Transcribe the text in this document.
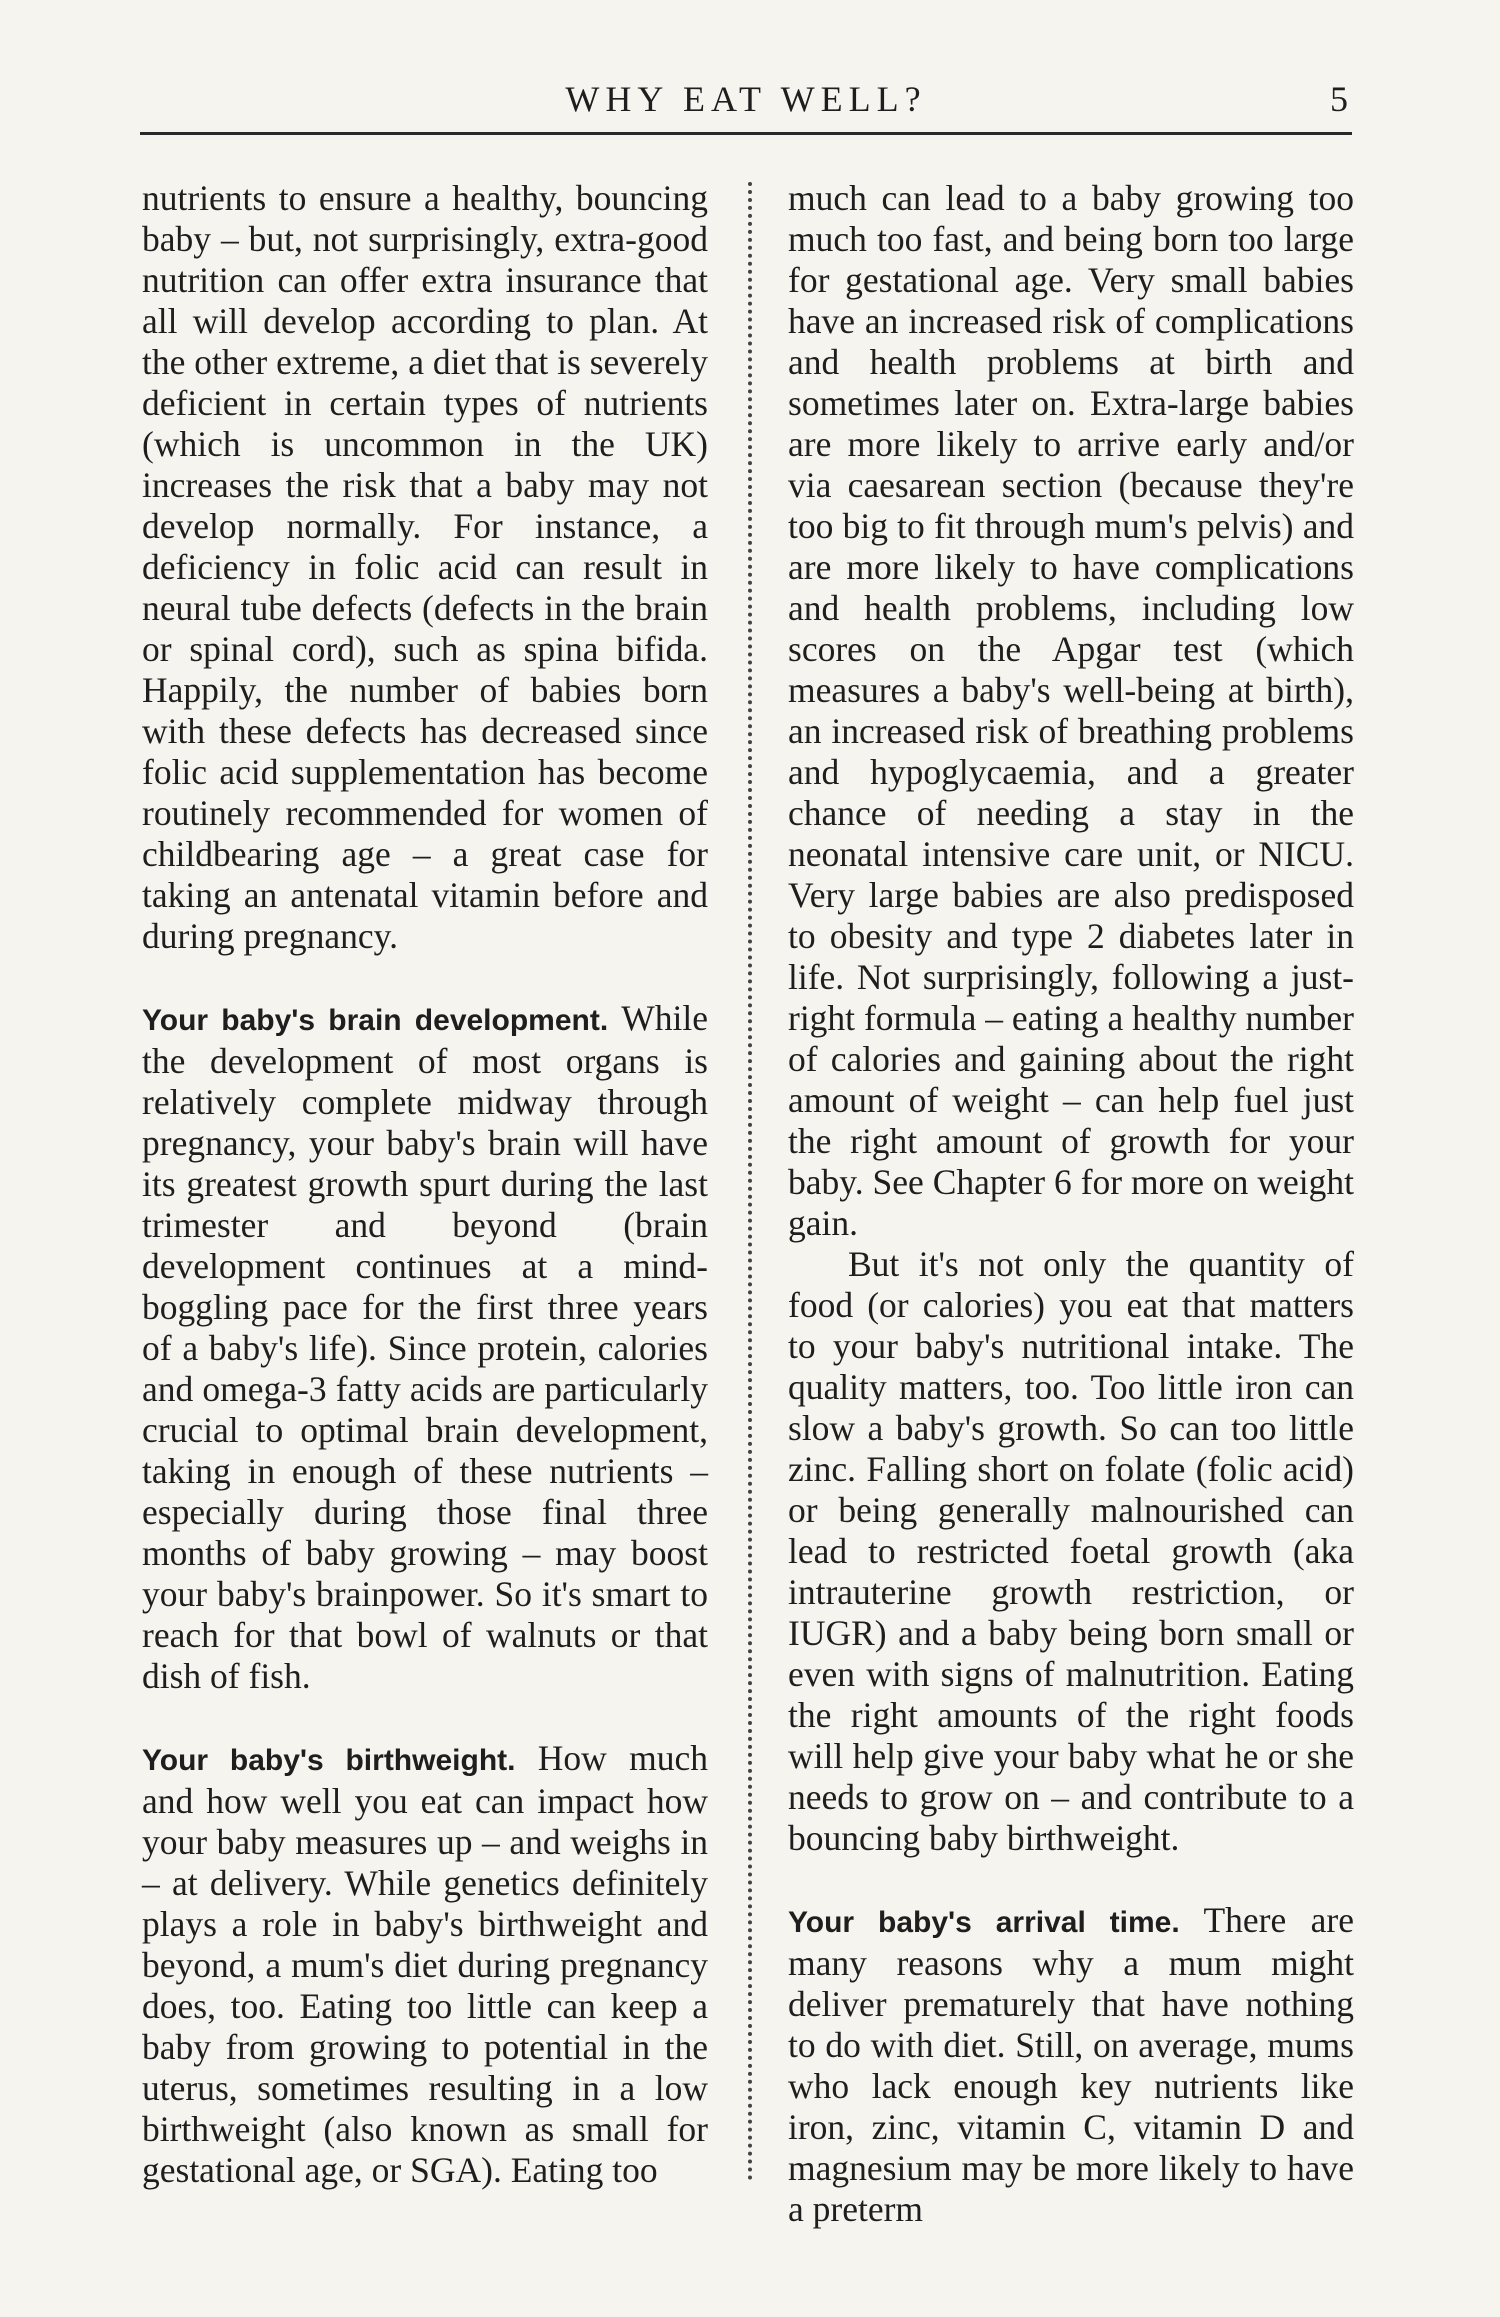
WHY EAT WELL?	5

nutrients to ensure a healthy, bouncing baby – but, not surprisingly, extra-good nutrition can offer extra insurance that all will develop according to plan. At the other extreme, a diet that is severely deficient in certain types of nutrients (which is uncommon in the UK) increases the risk that a baby may not develop normally. For instance, a deficiency in folic acid can result in neural tube defects (defects in the brain or spinal cord), such as spina bifida. Happily, the number of babies born with these defects has decreased since folic acid supplementation has become routinely recommended for women of childbearing age – a great case for taking an antenatal vitamin before and during pregnancy.

Your baby's brain development. While the development of most organs is relatively complete midway through pregnancy, your baby's brain will have its greatest growth spurt during the last trimester and beyond (brain development continues at a mind-boggling pace for the first three years of a baby's life). Since protein, calories and omega-3 fatty acids are particularly crucial to optimal brain development, taking in enough of these nutrients – especially during those final three months of baby growing – may boost your baby's brainpower. So it's smart to reach for that bowl of walnuts or that dish of fish.

Your baby's birthweight. How much and how well you eat can impact how your baby measures up – and weighs in – at delivery. While genetics definitely plays a role in baby's birthweight and beyond, a mum's diet during pregnancy does, too. Eating too little can keep a baby from growing to potential in the uterus, sometimes resulting in a low birthweight (also known as small for gestational age, or SGA). Eating too

much can lead to a baby growing too much too fast, and being born too large for gestational age. Very small babies have an increased risk of complications and health problems at birth and sometimes later on. Extra-large babies are more likely to arrive early and/or via caesarean section (because they're too big to fit through mum's pelvis) and are more likely to have complications and health problems, including low scores on the Apgar test (which measures a baby's well-being at birth), an increased risk of breathing problems and hypoglycaemia, and a greater chance of needing a stay in the neonatal intensive care unit, or NICU. Very large babies are also predisposed to obesity and type 2 diabetes later in life. Not surprisingly, following a just-right formula – eating a healthy number of calories and gaining about the right amount of weight – can help fuel just the right amount of growth for your baby. See Chapter 6 for more on weight gain.

But it's not only the quantity of food (or calories) you eat that matters to your baby's nutritional intake. The quality matters, too. Too little iron can slow a baby's growth. So can too little zinc. Falling short on folate (folic acid) or being generally malnourished can lead to restricted foetal growth (aka intrauterine growth restriction, or IUGR) and a baby being born small or even with signs of malnutrition. Eating the right amounts of the right foods will help give your baby what he or she needs to grow on – and contribute to a bouncing baby birthweight.

Your baby's arrival time. There are many reasons why a mum might deliver prematurely that have nothing to do with diet. Still, on average, mums who lack enough key nutrients like iron, zinc, vitamin C, vitamin D and magnesium may be more likely to have a preterm
